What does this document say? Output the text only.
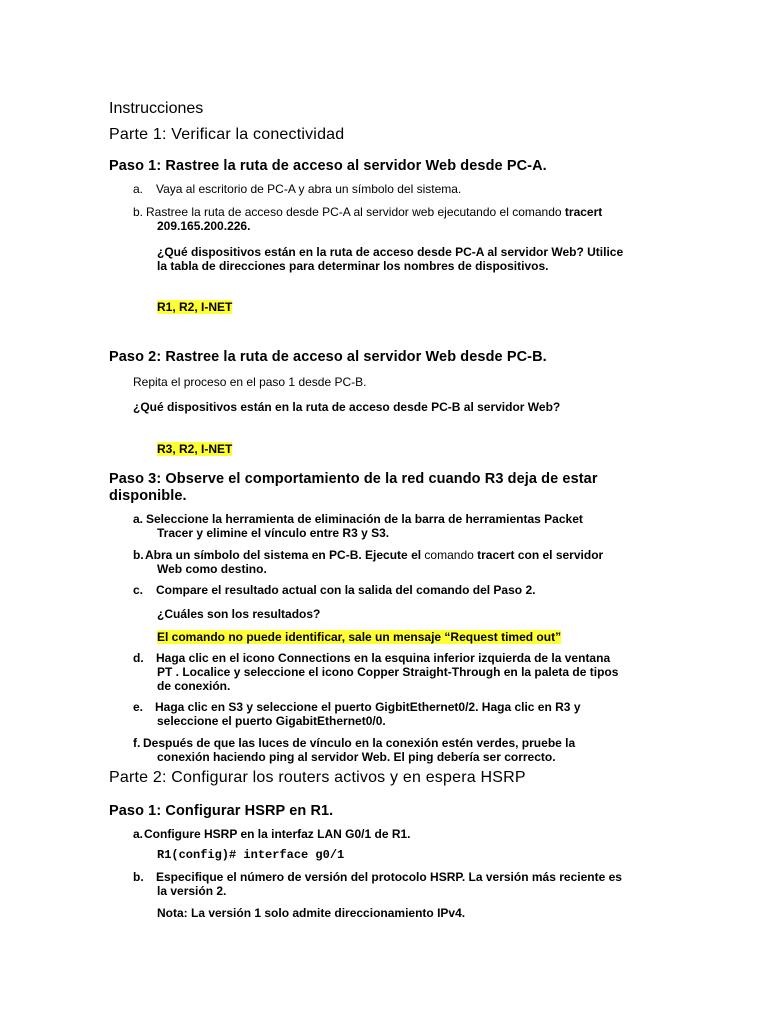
Instrucciones
Parte 1: Verificar la conectividad
Paso 1: Rastree la ruta de acceso al servidor Web desde PC-A.
a. Vaya al escritorio de PC-A y abra un símbolo del sistema.
b. Rastree la ruta de acceso desde PC-A al servidor web ejecutando el comando tracert
209.165.200.226.
¿Qué dispositivos están en la ruta de acceso desde PC-A al servidor Web? Utilice
la tabla de direcciones para determinar los nombres de dispositivos.
R1, R2, I-NET
Paso 2: Rastree la ruta de acceso al servidor Web desde PC-B.
Repita el proceso en el paso 1 desde PC-B.
¿Qué dispositivos están en la ruta de acceso desde PC-B al servidor Web?
R3, R2, I-NET
Paso 3: Observe el comportamiento de la red cuando R3 deja de estar
disponible.
a. Seleccione la herramienta de eliminación de la barra de herramientas Packet
Tracer y elimine el vínculo entre R3 y S3.
b. Abra un símbolo del sistema en PC-B. Ejecute el comando tracert con el servidor
Web como destino.
c. Compare el resultado actual con la salida del comando del Paso 2.
¿Cuáles son los resultados?
El comando no puede identificar, sale un mensaje “Request timed out”
d. Haga clic en el icono Connections en la esquina inferior izquierda de la ventana
PT . Localice y seleccione el icono Copper Straight-Through en la paleta de tipos
de conexión.
e. Haga clic en S3 y seleccione el puerto GigbitEthernet0/2. Haga clic en R3 y
seleccione el puerto GigabitEthernet0/0.
f. Después de que las luces de vínculo en la conexión estén verdes, pruebe la
conexión haciendo ping al servidor Web. El ping debería ser correcto.
Parte 2: Configurar los routers activos y en espera HSRP
Paso 1: Configurar HSRP en R1.
a. Configure HSRP en la interfaz LAN G0/1 de R1.
R1(config)# interface g0/1
b. Especifique el número de versión del protocolo HSRP. La versión más reciente es
la versión 2.
Nota: La versión 1 solo admite direccionamiento IPv4.
